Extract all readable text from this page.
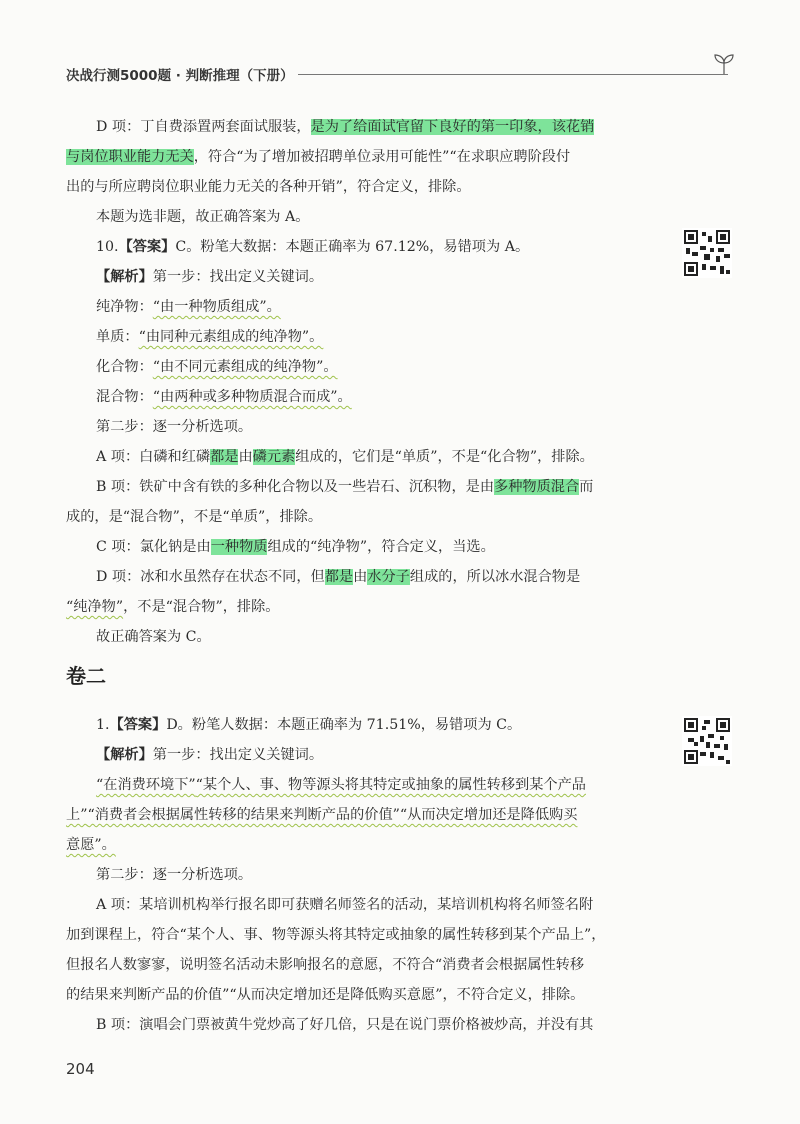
决战行测5000题 · 判断推理（下册）

D 项：丁自费添置两套面试服装，是为了给面试官留下良好的第一印象，该花销

与岗位职业能力无关，符合“为了增加被招聘单位录用可能性”“在求职应聘阶段付

出的与所应聘岗位职业能力无关的各种开销”，符合定义，排除。

本题为选非题，故正确答案为 A。

10.【答案】C。粉笔大数据：本题正确率为 67.12%，易错项为 A。

【解析】第一步：找出定义关键词。

纯净物：“由一种物质组成”。

单质：“由同种元素组成的纯净物”。

化合物：“由不同元素组成的纯净物”。

混合物：“由两种或多种物质混合而成”。

第二步：逐一分析选项。

A 项：白磷和红磷都是由磷元素组成的，它们是“单质”，不是“化合物”，排除。

B 项：铁矿中含有铁的多种化合物以及一些岩石、沉积物，是由多种物质混合而

成的，是“混合物”，不是“单质”，排除。

C 项：氯化钠是由一种物质组成的“纯净物”，符合定义，当选。

D 项：冰和水虽然存在状态不同，但都是由水分子组成的，所以冰水混合物是

“纯净物”，不是“混合物”，排除。

故正确答案为 C。

卷二

1.【答案】D。粉笔人数据：本题正确率为 71.51%，易错项为 C。

【解析】第一步：找出定义关键词。

“在消费环境下”“某个人、事、物等源头将其特定或抽象的属性转移到某个产品

上”“消费者会根据属性转移的结果来判断产品的价值”“从而决定增加还是降低购买

意愿”。

第二步：逐一分析选项。

A 项：某培训机构举行报名即可获赠名师签名的活动，某培训机构将名师签名附

加到课程上，符合“某个人、事、物等源头将其特定或抽象的属性转移到某个产品上”，

但报名人数寥寥，说明签名活动未影响报名的意愿，不符合“消费者会根据属性转移

的结果来判断产品的价值”“从而决定增加还是降低购买意愿”，不符合定义，排除。

B 项：演唱会门票被黄牛党炒高了好几倍，只是在说门票价格被炒高，并没有其

204
